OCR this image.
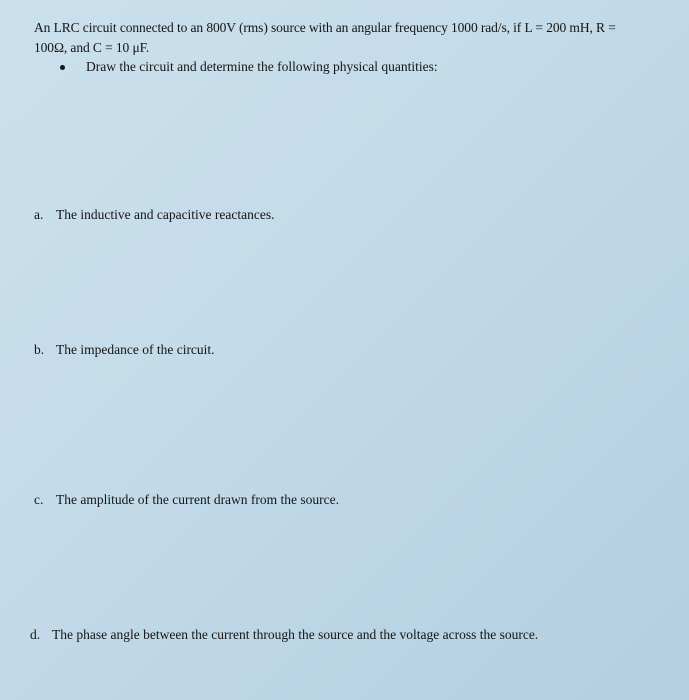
An LRC circuit connected to an 800V (rms) source with an angular frequency 1000 rad/s, if L = 200 mH, R =
100Ω, and C = 10 μF.
Draw the circuit and determine the following physical quantities:
a. The inductive and capacitive reactances.
b. The impedance of the circuit.
c. The amplitude of the current drawn from the source.
d. The phase angle between the current through the source and the voltage across the source.
